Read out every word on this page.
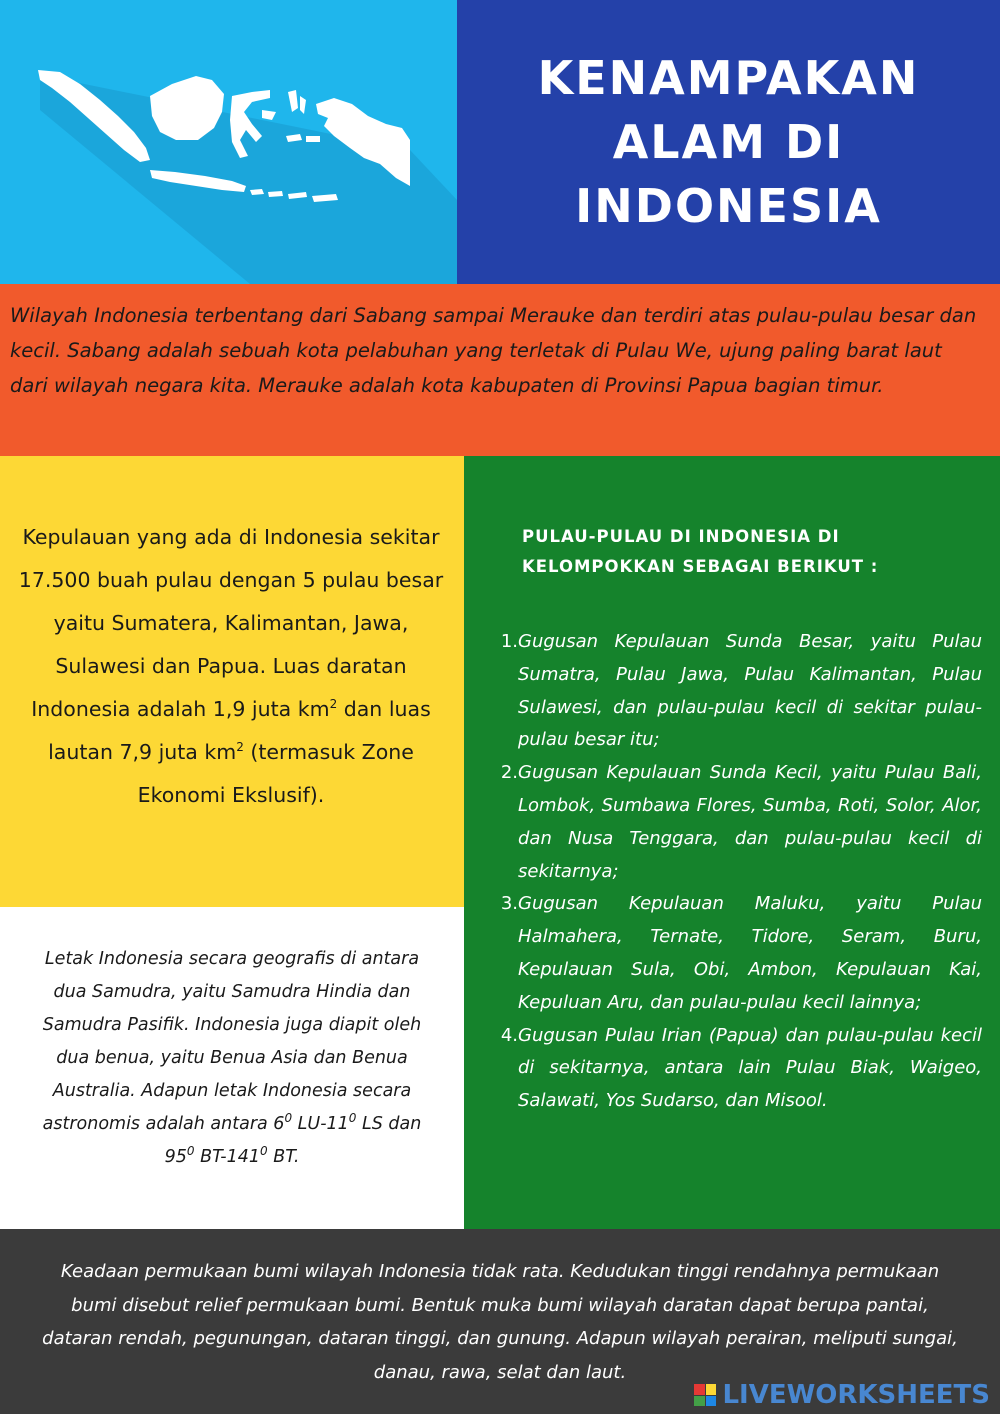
KENAMPAKAN
ALAM DI
INDONESIA

Wilayah Indonesia terbentang dari Sabang sampai Merauke dan terdiri atas pulau-pulau besar dan kecil. Sabang adalah sebuah kota pelabuhan yang terletak di Pulau We, ujung paling barat laut dari wilayah negara kita. Merauke adalah kota kabupaten di Provinsi Papua bagian timur.

Kepulauan yang ada di Indonesia sekitar 17.500 buah pulau dengan 5 pulau besar yaitu Sumatera, Kalimantan, Jawa, Sulawesi dan Papua. Luas daratan Indonesia adalah 1,9 juta $km^2$ dan luas lautan 7,9 juta $km^2$ (termasuk Zone Ekonomi Ekslusif).

Letak Indonesia secara geografis di antara dua Samudra, yaitu Samudra Hindia dan Samudra Pasifik. Indonesia juga diapit oleh dua benua, yaitu Benua Asia dan Benua Australia. Adapun letak Indonesia secara astronomis adalah antara $6^0$ $LU-11^0$ LS dan $95^0$ $BT-141^0$ BT.

PULAU-PULAU DI INDONESIA DI KELOMPOKKAN SEBAGAI BERIKUT :
1. Gugusan Kepulauan Sunda Besar, yaitu Pulau Sumatra, Pulau Jawa, Pulau Kalimantan, Pulau Sulawesi, dan pulau-pulau kecil di sekitar pulau-pulau besar itu;
2. Gugusan Kepulauan Sunda Kecil, yaitu Pulau Bali, Lombok, Sumbawa Flores, Sumba, Roti, Solor, Alor, dan Nusa Tenggara, dan pulau-pulau kecil di sekitarnya;
3. Gugusan Kepulauan Maluku, yaitu Pulau Halmahera, Ternate, Tidore, Seram, Buru, Kepulauan Sula, Obi, Ambon, Kepulauan Kai, Kepuluan Aru, dan pulau-pulau kecil lainnya;
4. Gugusan Pulau Irian (Papua) dan pulau-pulau kecil di sekitarnya, antara lain Pulau Biak, Waigeo, Salawati, Yos Sudarso, dan Misool.

Keadaan permukaan bumi wilayah Indonesia tidak rata. Kedudukan tinggi rendahnya permukaan bumi disebut relief permukaan bumi. Bentuk muka bumi wilayah daratan dapat berupa pantai, dataran rendah, pegunungan, dataran tinggi, dan gunung. Adapun wilayah perairan, meliputi sungai, danau, rawa, selat dan laut.

LIVEWORKSHEETS
